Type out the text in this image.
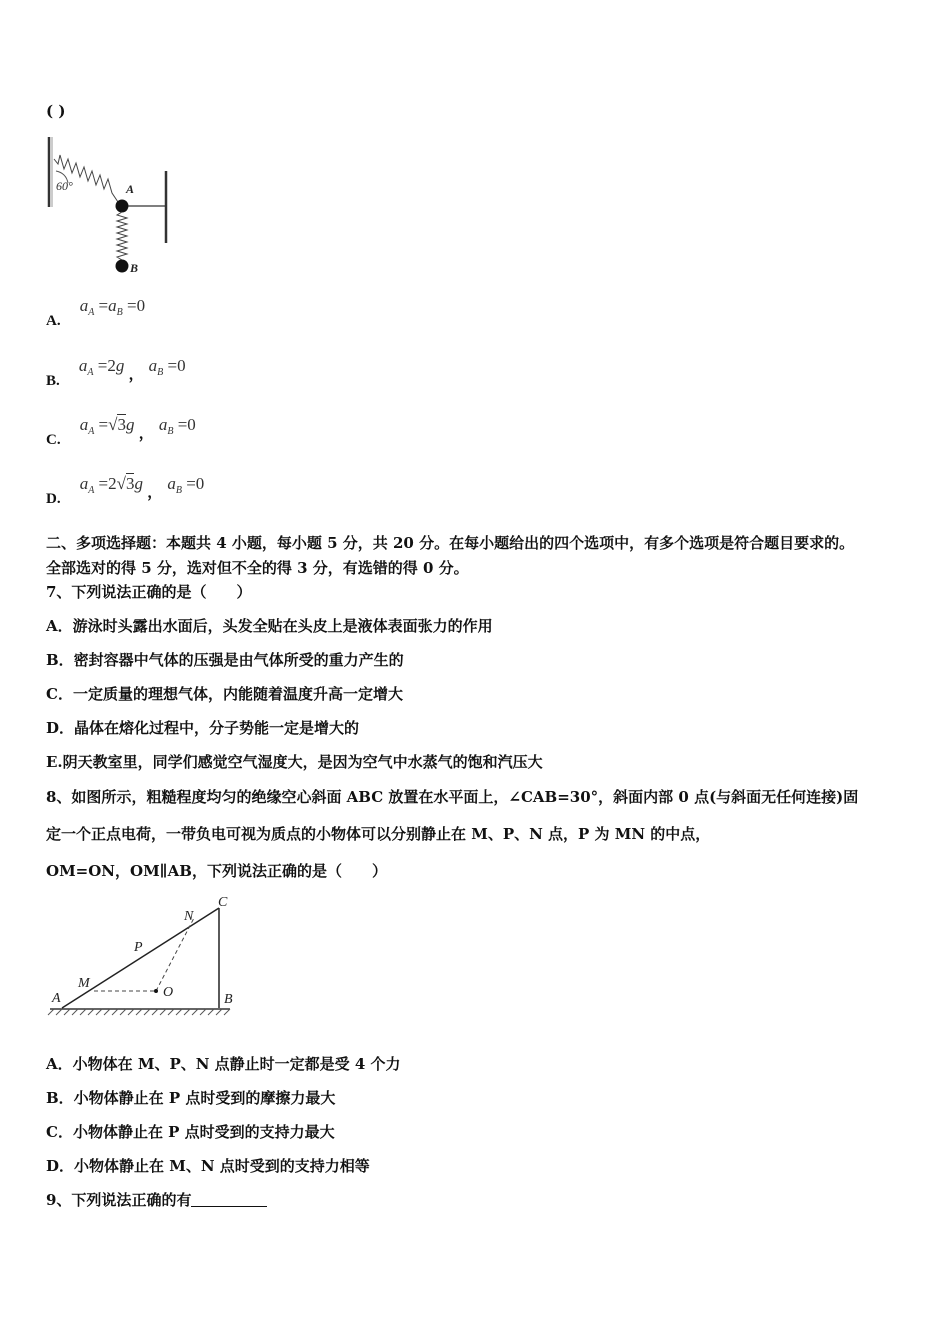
( )
60°	A
B
A. $a_A =a_B =0$
B. $a_A =2g$ ， $a_B =0$
C. $a_A =√3g$ ， $a_B =0$
D. $a_A =2√3g$ ， $a_B =0$
二、多项选择题：本题共 4 小题，每小题 5 分，共 20 分。在每小题给出的四个选项中，有多个选项是符合题目要求的。
全部选对的得 5 分，选对但不全的得 3 分，有选错的得 0 分。
7、下列说法正确的是（　　）
A．游泳时头露出水面后，头发全贴在头皮上是液体表面张力的作用
B．密封容器中气体的压强是由气体所受的重力产生的
C．一定质量的理想气体，内能随着温度升高一定增大
D．晶体在熔化过程中，分子势能一定是增大的
E.阴天教室里，同学们感觉空气湿度大，是因为空气中水蒸气的饱和汽压大
8、如图所示，粗糙程度均匀的绝缘空心斜面 ABC 放置在水平面上，∠CAB=30°，斜面内部 0 点(与斜面无任何连接)固
定一个正点电荷，一带负电可视为质点的小物体可以分别静止在 M、P、N 点，P 为 MN 的中点，
OM=ON，OM∥AB，下列说法正确的是（　　）
A	B
C
M
P
N
O
A．小物体在 M、P、N 点静止时一定都是受 4 个力
B．小物体静止在 P 点时受到的摩擦力最大
C．小物体静止在 P 点时受到的支持力最大
D．小物体静止在 M、N 点时受到的支持力相等
9、下列说法正确的有
